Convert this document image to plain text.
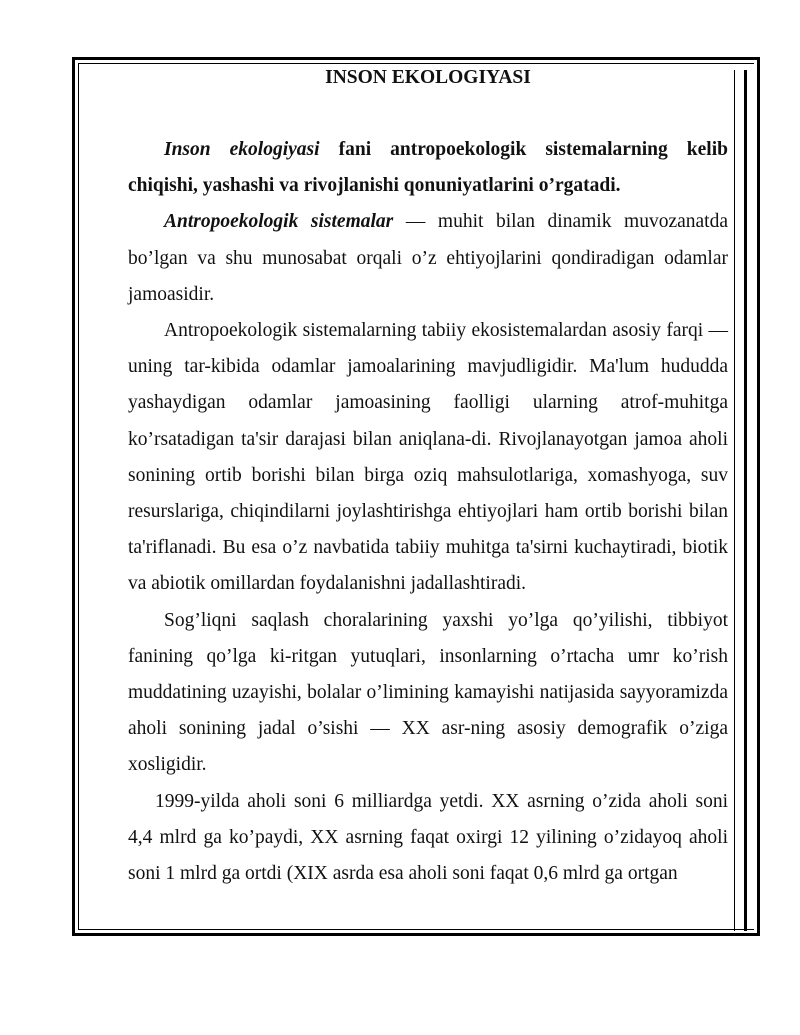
INSON EKOLOGIYASI

Inson ekologiyasi fani antropoekologik sistemalarning kelib chiqishi, yashashi va rivojlanishi qonuniyatlarini o’rgatadi.

Antropoekologik sistemalar — muhit bilan dinamik muvozanatda bo’lgan va shu munosabat orqali o’z ehtiyojlarini qondiradigan odamlar jamoasidir.

Antropoekologik sistemalarning tabiiy ekosistemalardan asosiy farqi — uning tar-kibida odamlar jamoalarining mavjudligidir. Ma'lum hududda yashaydigan odamlar jamoasining faolligi ularning atrof-muhitga ko’rsatadigan ta'sir darajasi bilan aniqlana-di. Rivojlanayotgan jamoa aholi sonining ortib borishi bilan birga oziq mahsulotlariga, xomashyoga, suv resurslariga, chiqindilarni joylashtirishga ehtiyojlari ham ortib borishi bilan ta'riflanadi. Bu esa o’z navbatida tabiiy muhitga ta'sirni kuchaytiradi, biotik va abiotik omillardan foydalanishni jadallashtiradi.

Sog’liqni saqlash choralarining yaxshi yo’lga qo’yilishi, tibbiyot fanining qo’lga ki-ritgan yutuqlari, insonlarning o’rtacha umr ko’rish muddatining uzayishi, bolalar o’limining kamayishi natijasida sayyoramizda aholi sonining jadal o’sishi — XX asr-ning asosiy demografik o’ziga xosligidir.

1999-yilda aholi soni 6 milliardga yetdi. XX asrning o’zida aholi soni 4,4 mlrd ga ko’paydi, XX asrning faqat oxirgi 12 yilining o’zidayoq aholi soni 1 mlrd ga ortdi (XIX asrda esa aholi soni faqat 0,6 mlrd ga ortgan
